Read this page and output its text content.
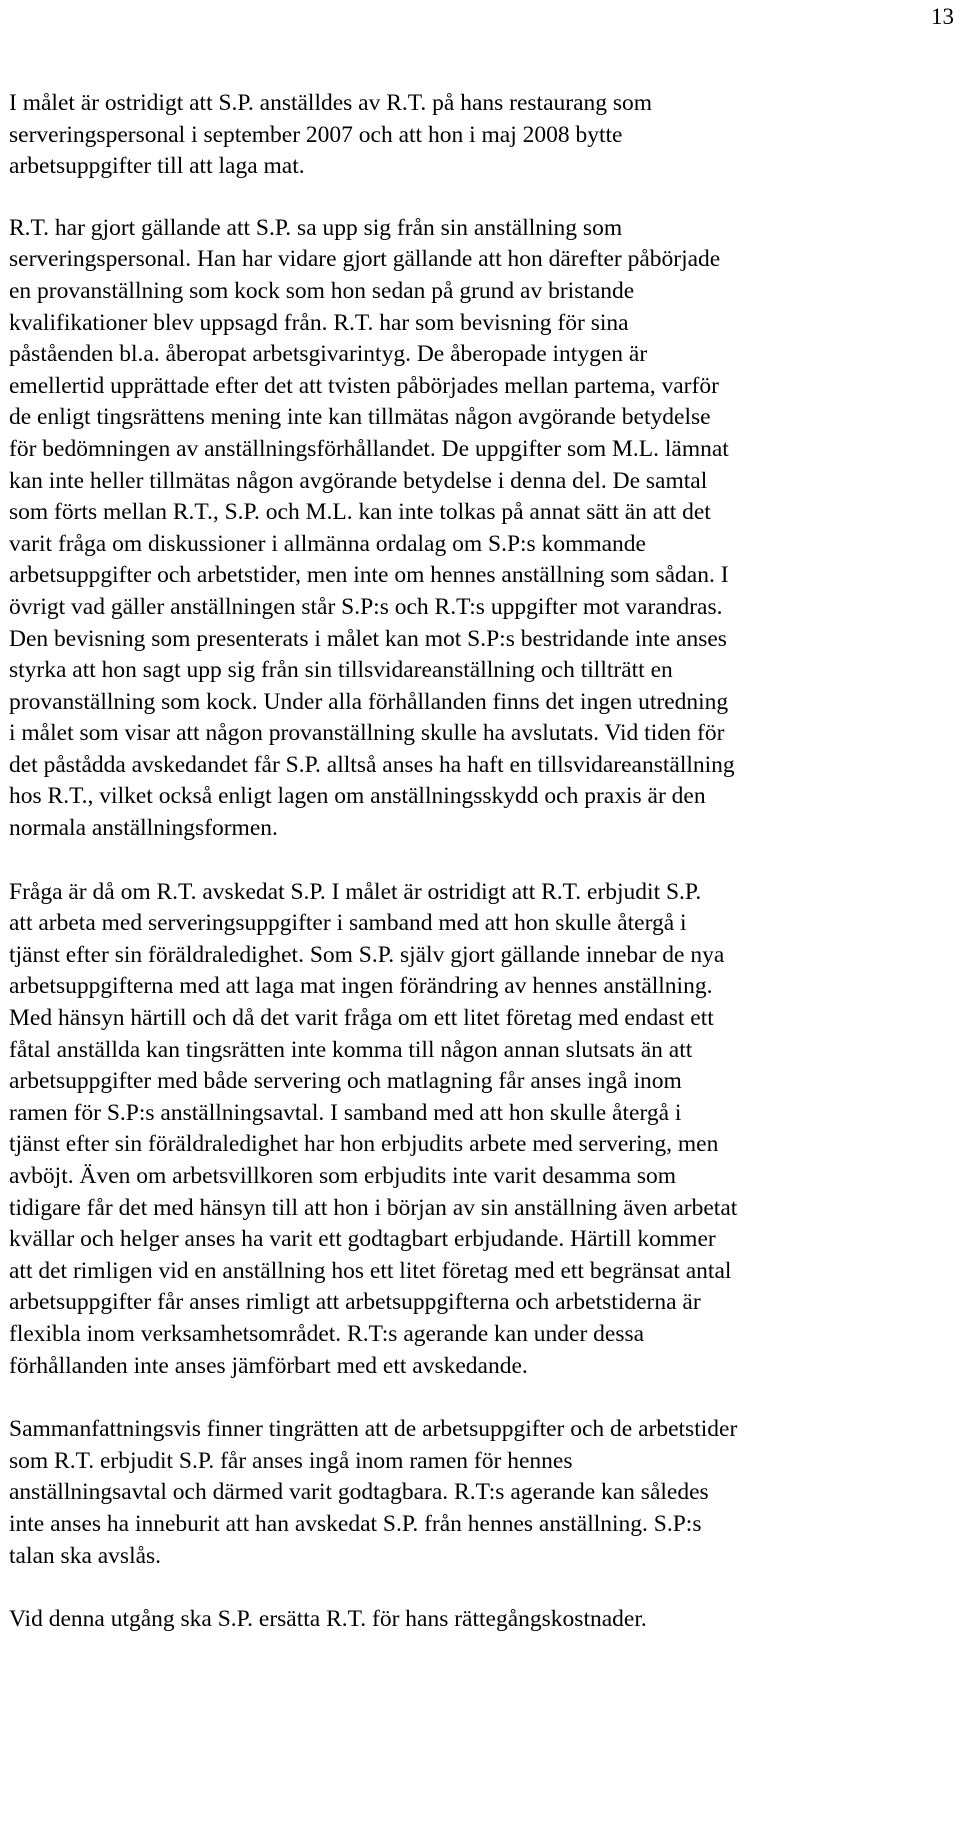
13

I målet är ostridigt att S.P. anställdes av R.T. på hans restaurang som
serveringspersonal i september 2007 och att hon i maj 2008 bytte
arbetsuppgifter till att laga mat.

R.T. har gjort gällande att S.P. sa upp sig från sin anställning som
serveringspersonal. Han har vidare gjort gällande att hon därefter påbörjade
en provanställning som kock som hon sedan på grund av bristande
kvalifikationer blev uppsagd från. R.T. har som bevisning för sina
påståenden bl.a. åberopat arbetsgivarintyg. De åberopade intygen är
emellertid upprättade efter det att tvisten påbörjades mellan partema, varför
de enligt tingsrättens mening inte kan tillmätas någon avgörande betydelse
för bedömningen av anställningsförhållandet. De uppgifter som M.L. lämnat
kan inte heller tillmätas någon avgörande betydelse i denna del. De samtal
som förts mellan R.T., S.P. och M.L. kan inte tolkas på annat sätt än att det
varit fråga om diskussioner i allmänna ordalag om S.P:s kommande
arbetsuppgifter och arbetstider, men inte om hennes anställning som sådan. I
övrigt vad gäller anställningen står S.P:s och R.T:s uppgifter mot varandras.
Den bevisning som presenterats i målet kan mot S.P:s bestridande inte anses
styrka att hon sagt upp sig från sin tillsvidareanställning och tillträtt en
provanställning som kock. Under alla förhållanden finns det ingen utredning
i målet som visar att någon provanställning skulle ha avslutats. Vid tiden för
det påstådda avskedandet får S.P. alltså anses ha haft en tillsvidareanställning
hos R.T., vilket också enligt lagen om anställningsskydd och praxis är den
normala anställningsformen.

Fråga är då om R.T. avskedat S.P. I målet är ostridigt att R.T. erbjudit S.P.
att arbeta med serveringsuppgifter i samband med att hon skulle återgå i
tjänst efter sin föräldraledighet. Som S.P. själv gjort gällande innebar de nya
arbetsuppgifterna med att laga mat ingen förändring av hennes anställning.
Med hänsyn härtill och då det varit fråga om ett litet företag med endast ett
fåtal anställda kan tingsrätten inte komma till någon annan slutsats än att
arbetsuppgifter med både servering och matlagning får anses ingå inom
ramen för S.P:s anställningsavtal. I samband med att hon skulle återgå i
tjänst efter sin föräldraledighet har hon erbjudits arbete med servering, men
avböjt. Även om arbetsvillkoren som erbjudits inte varit desamma som
tidigare får det med hänsyn till att hon i början av sin anställning även arbetat
kvällar och helger anses ha varit ett godtagbart erbjudande. Härtill kommer
att det rimligen vid en anställning hos ett litet företag med ett begränsat antal
arbetsuppgifter får anses rimligt att arbetsuppgifterna och arbetstiderna är
flexibla inom verksamhetsområdet. R.T:s agerande kan under dessa
förhållanden inte anses jämförbart med ett avskedande.

Sammanfattningsvis finner tingrätten att de arbetsuppgifter och de arbetstider
som R.T. erbjudit S.P. får anses ingå inom ramen för hennes
anställningsavtal och därmed varit godtagbara. R.T:s agerande kan således
inte anses ha inneburit att han avskedat S.P. från hennes anställning. S.P:s
talan ska avslås.

Vid denna utgång ska S.P. ersätta R.T. för hans rättegångskostnader.
